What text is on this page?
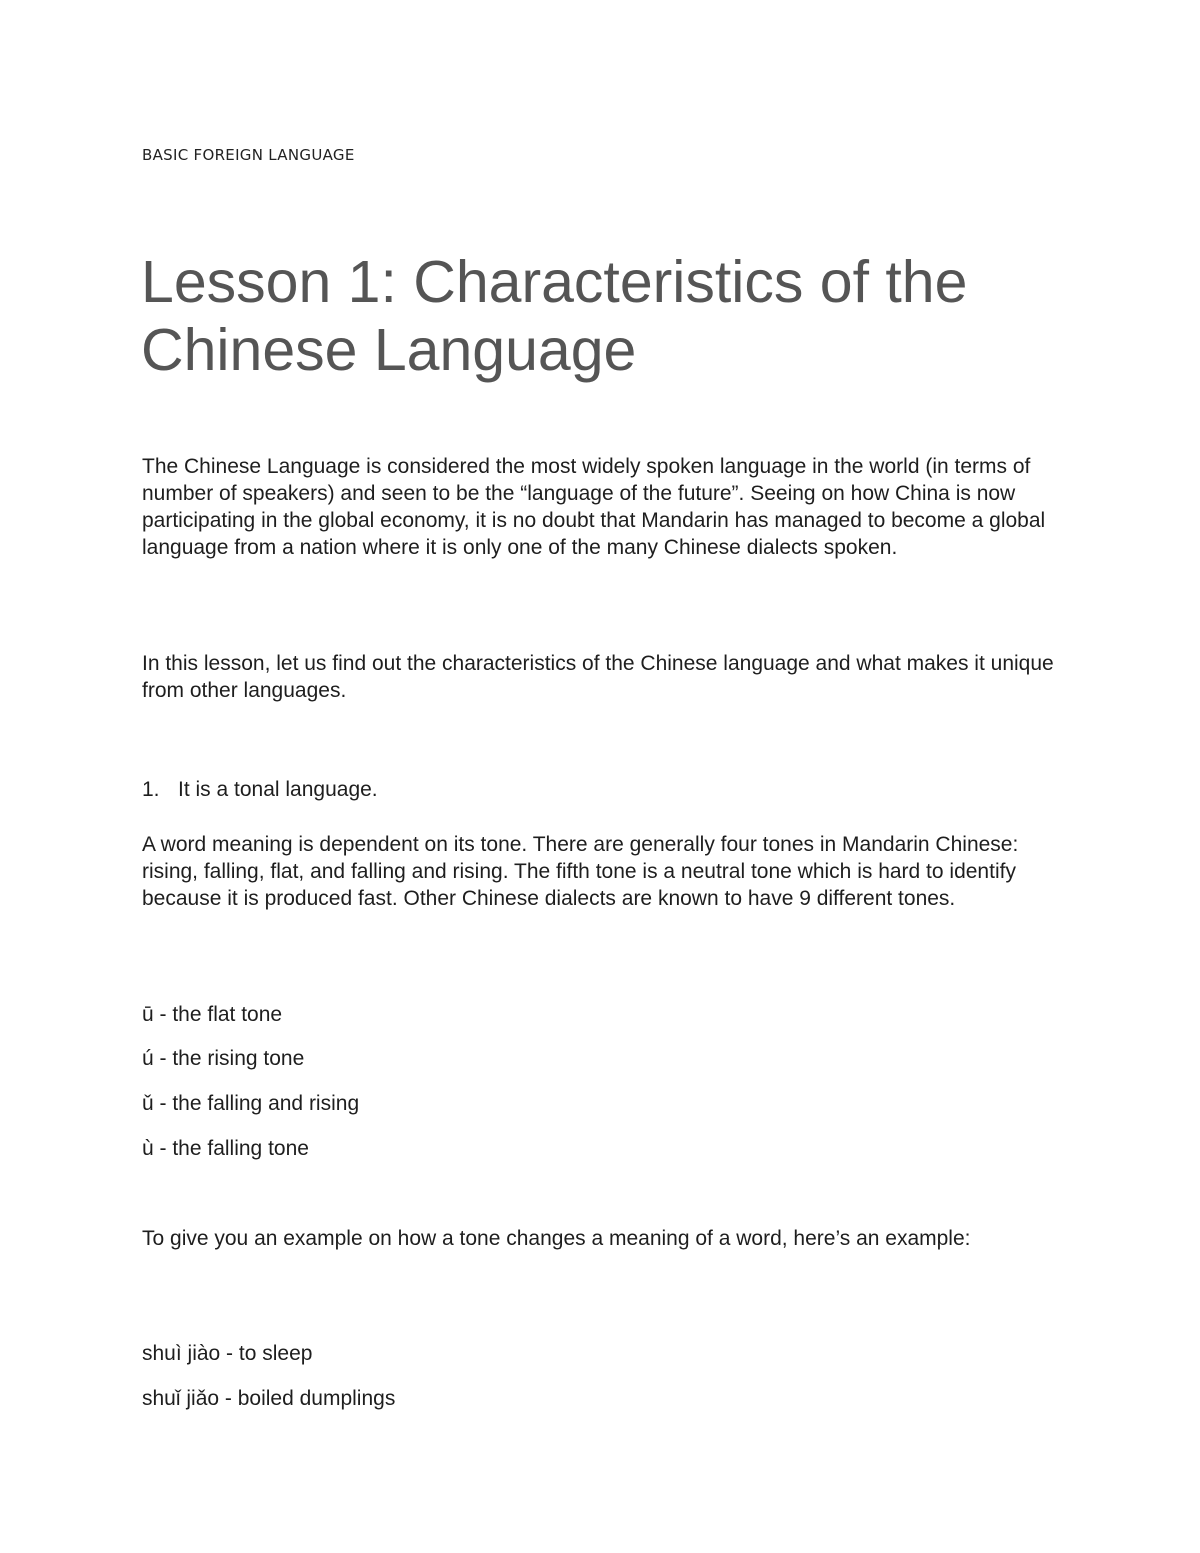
BASIC FOREIGN LANGUAGE
Lesson 1: Characteristics of the Chinese Language

The Chinese Language is considered the most widely spoken language in the world (in terms of number of speakers) and seen to be the “language of the future”. Seeing on how China is now participating in the global economy, it is no doubt that Mandarin has managed to become a global language from a nation where it is only one of the many Chinese dialects spoken.

In this lesson, let us find out the characteristics of the Chinese language and what makes it unique from other languages.

1. It is a tonal language.

A word meaning is dependent on its tone. There are generally four tones in Mandarin Chinese: rising, falling, flat, and falling and rising. The fifth tone is a neutral tone which is hard to identify because it is produced fast. Other Chinese dialects are known to have 9 different tones.

ū - the flat tone
ú - the rising tone
ǔ - the falling and rising
ù - the falling tone

To give you an example on how a tone changes a meaning of a word, here’s an example:

shuì jiào - to sleep
shuǐ jiǎo - boiled dumplings
